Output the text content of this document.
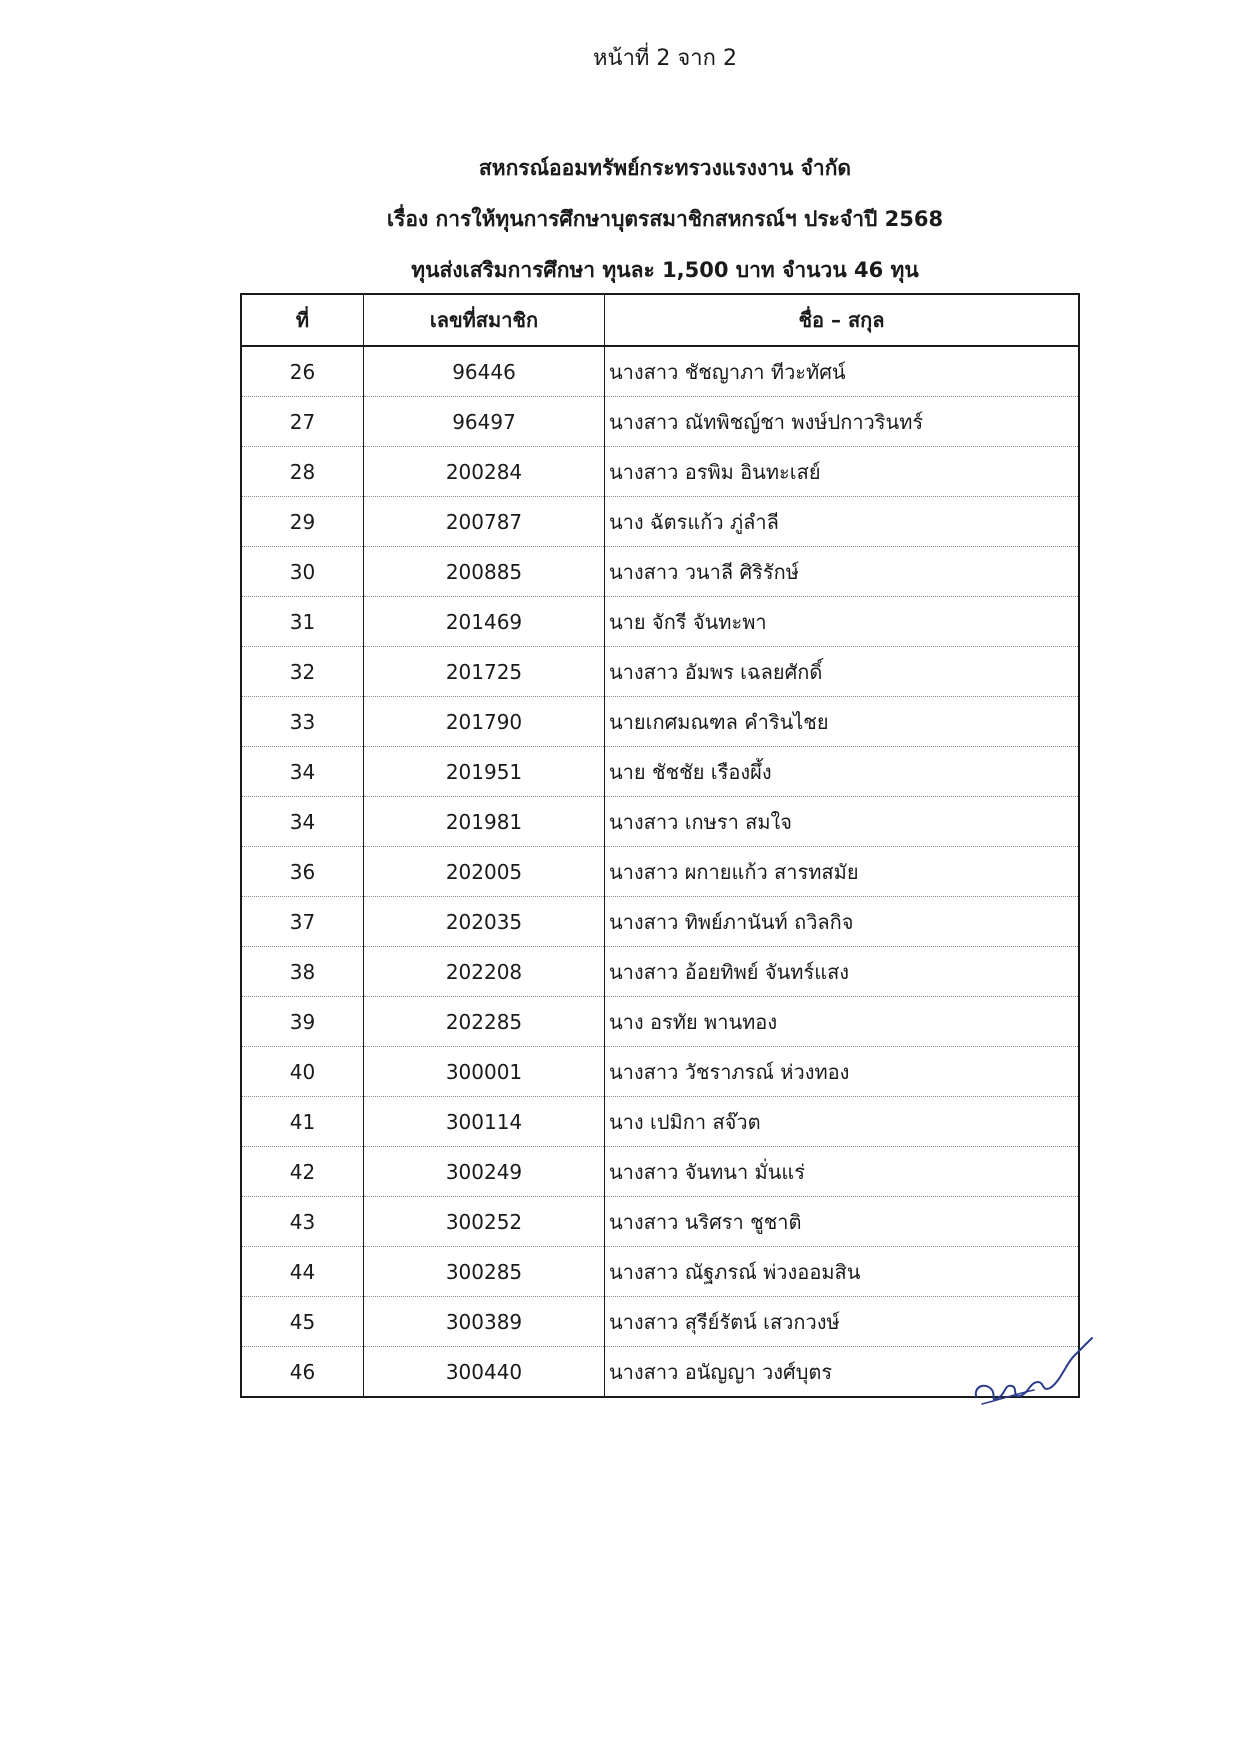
หน้าที่ 2 จาก 2
สหกรณ์ออมทรัพย์กระทรวงแรงงาน จำกัด
เรื่อง การให้ทุนการศึกษาบุตรสมาชิกสหกรณ์ฯ ประจำปี 2568
ทุนส่งเสริมการศึกษา ทุนละ 1,500 บาท จำนวน 46 ทุน
ที่	เลขที่สมาชิก	ชื่อ – สกุล
26	96446	นางสาว ชัชญาภา ทีวะทัศน์
27	96497	นางสาว ณัทพิชญ์ชา พงษ์ปกาวรินทร์
28	200284	นางสาว อรพิม อินทะเสย์
29	200787	นาง ฉัตรแก้ว ภู่ลำลี
30	200885	นางสาว วนาลี ศิริรักษ์
31	201469	นาย จักรี จันทะพา
32	201725	นางสาว อัมพร เฉลยศักดิ์
33	201790	นายเกศมณฑล คำรินไชย
34	201951	นาย ชัชชัย เรืองผึ้ง
34	201981	นางสาว เกษรา สมใจ
36	202005	นางสาว ผกายแก้ว สารทสมัย
37	202035	นางสาว ทิพย์ภานันท์ ถวิลกิจ
38	202208	นางสาว อ้อยทิพย์ จันทร์แสง
39	202285	นาง อรทัย พานทอง
40	300001	นางสาว วัชราภรณ์ ห่วงทอง
41	300114	นาง เปมิกา สจ๊วต
42	300249	นางสาว จันทนา มั่นแร่
43	300252	นางสาว นริศรา ชูชาติ
44	300285	นางสาว ณัฐภรณ์ พ่วงออมสิน
45	300389	นางสาว สุรีย์รัตน์ เสวกวงษ์
46	300440	นางสาว อนัญญา วงศ์บุตร
